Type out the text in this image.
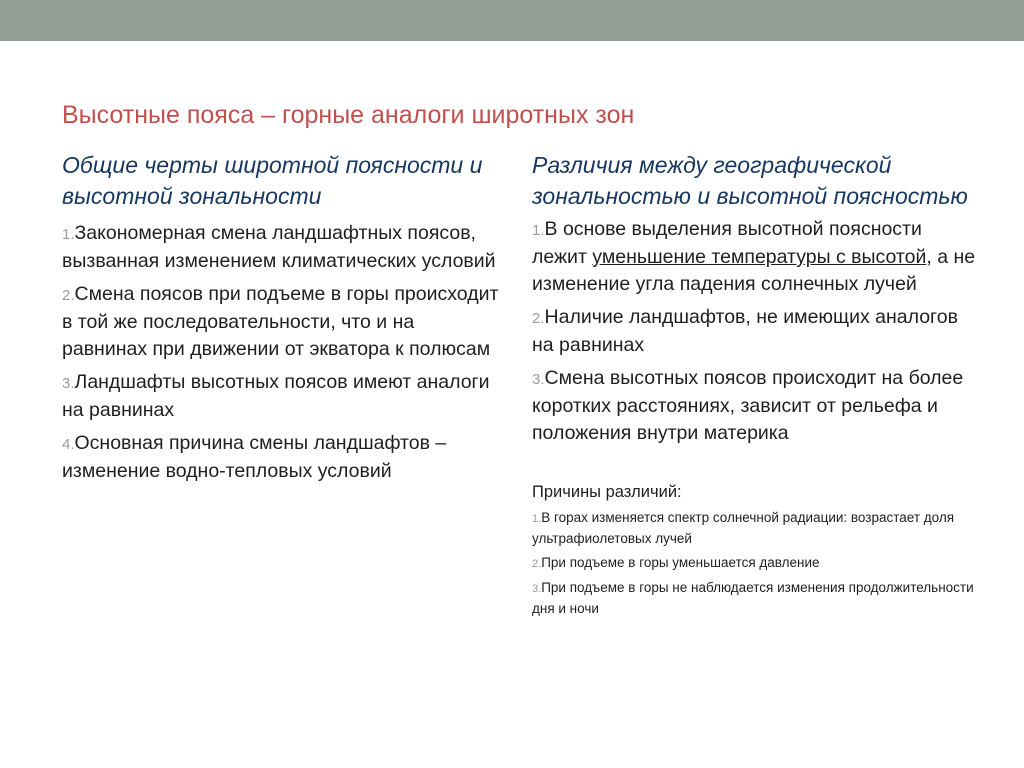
Высотные пояса – горные аналоги широтных зон
Общие черты широтной поясности и высотной зональности
1.Закономерная смена ландшафтных поясов, вызванная изменением климатических условий
2.Смена поясов при подъеме в горы происходит в той же последовательности, что и на равнинах при движении от экватора к полюсам
3.Ландшафты высотных поясов имеют аналоги на равнинах
4.Основная причина смены ландшафтов – изменение водно-тепловых условий
Различия между географической зональностью и высотной поясностью
1.В основе выделения высотной поясности лежит уменьшение температуры с высотой, а не изменение угла падения солнечных лучей
2.Наличие ландшафтов, не имеющих аналогов на равнинах
3.Смена высотных поясов происходит на более коротких расстояниях, зависит от рельефа и положения внутри материка
Причины различий:
1.В горах изменяется спектр солнечной радиации: возрастает доля ультрафиолетовых лучей
2.При подъеме в горы уменьшается давление
3.При подъеме в горы не наблюдается изменения продолжительности дня и ночи
